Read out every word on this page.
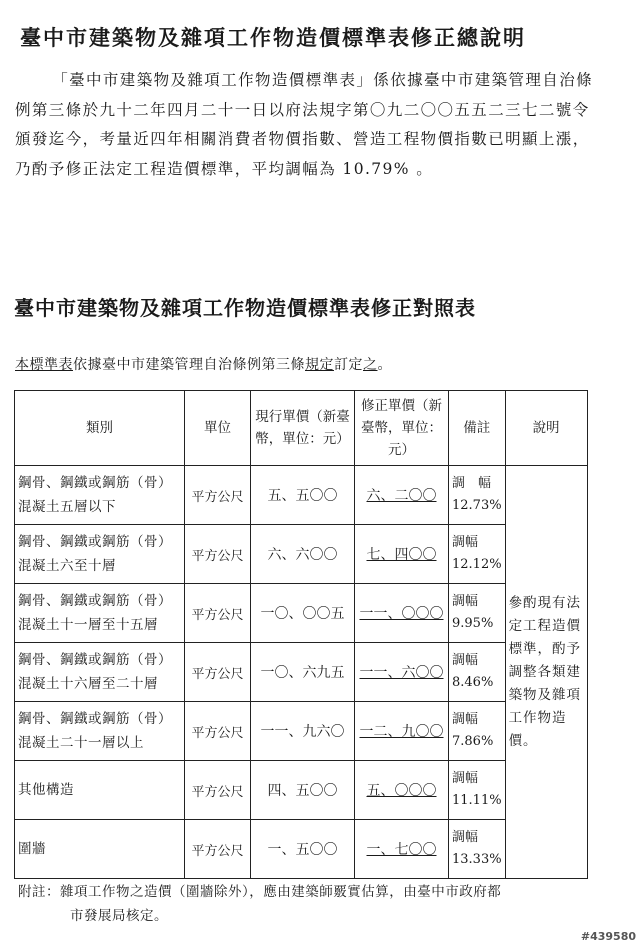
臺中市建築物及雜項工作物造價標準表修正總說明
「臺中市建築物及雜項工作物造價標準表」係依據臺中市建築管理自治條例第三條於九十二年四月二十一日以府法規字第〇九二〇〇五五二三七二號令頒發迄今，考量近四年相關消費者物價指數、營造工程物價指數已明顯上漲，乃酌予修正法定工程造價標準，平均調幅為 10.79% 。
臺中市建築物及雜項工作物造價標準表修正對照表
本標準表依據臺中市建築管理自治條例第三條規定訂定之。
類別	單位	現行單價（新臺幣，單位：元）	修正單價（新臺幣，單位：元）	備註	說明
鋼骨、鋼鐵或鋼筋（骨）混凝土五層以下	平方公尺	五、五〇〇	六、二〇〇	調　幅 12.73%	參酌現有法定工程造價標準，酌予調整各類建築物及雜項工作物造價。
鋼骨、鋼鐵或鋼筋（骨）混凝土六至十層	平方公尺	六、六〇〇	七、四〇〇	調幅 12.12%	
鋼骨、鋼鐵或鋼筋（骨）混凝土十一層至十五層	平方公尺	一〇、〇〇五	一一、〇〇〇	調幅 9.95%	
鋼骨、鋼鐵或鋼筋（骨）混凝土十六層至二十層	平方公尺	一〇、六九五	一一、六〇〇	調幅 8.46%	
鋼骨、鋼鐵或鋼筋（骨）混凝土二十一層以上	平方公尺	一一、九六〇	一二、九〇〇	調幅 7.86%	
其他構造	平方公尺	四、五〇〇	五、〇〇〇	調幅 11.11%	
圍牆	平方公尺	一、五〇〇	一、七〇〇	調幅 13.33%	
附註：雜項工作物之造價（圍牆除外），應由建築師覈實估算，由臺中市政府都
市發展局核定。
#439580
